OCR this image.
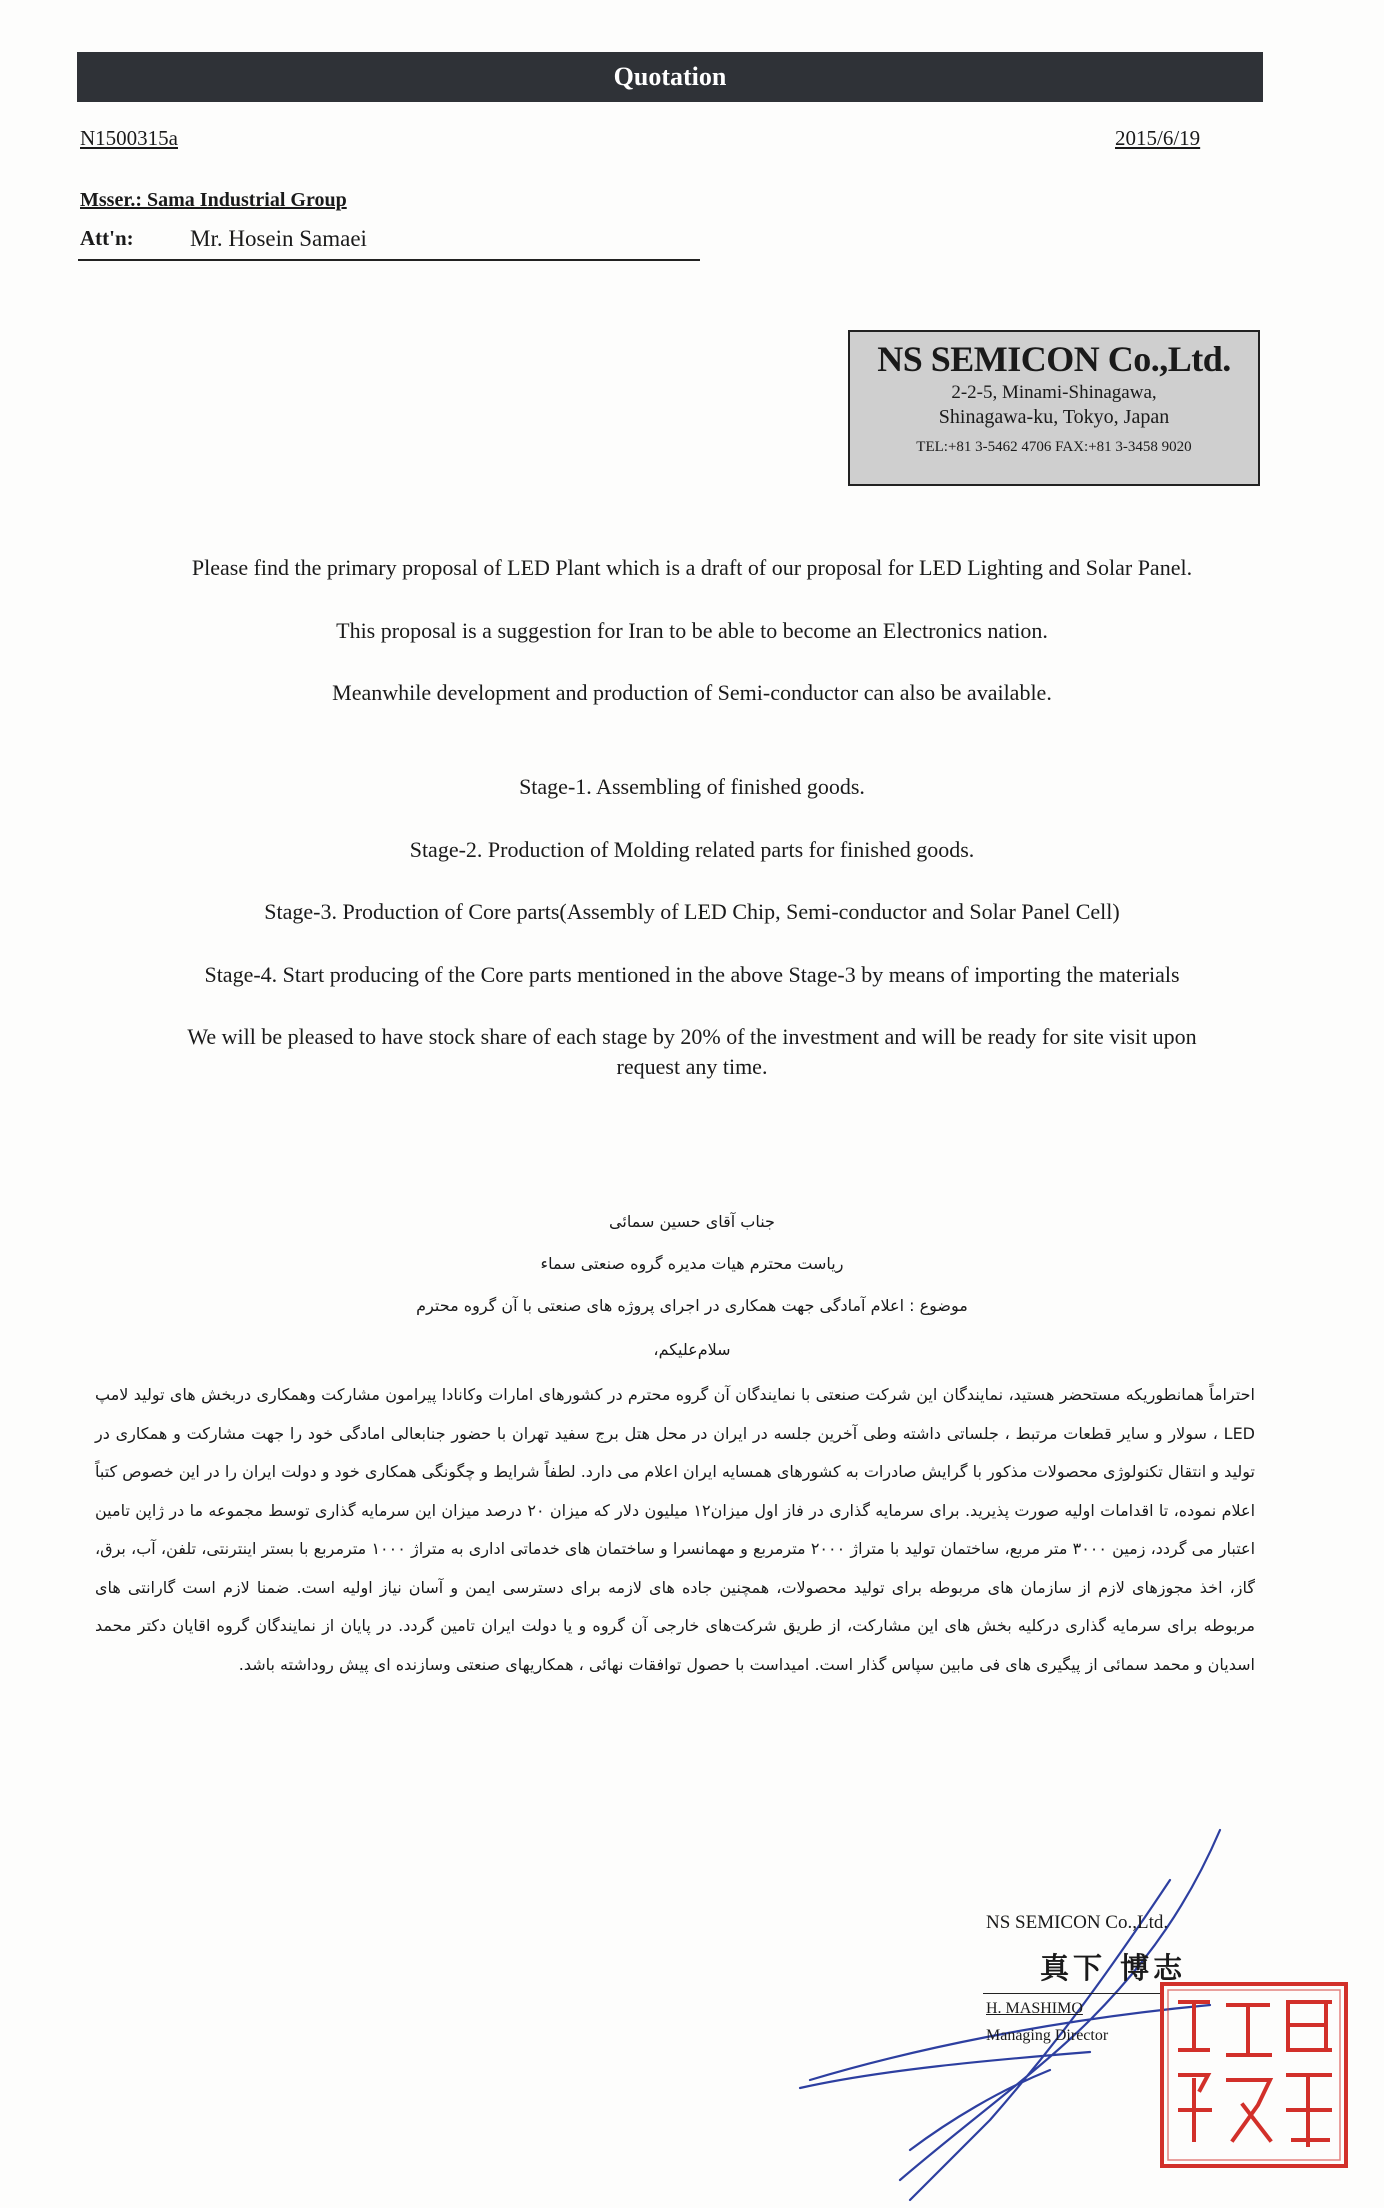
Quotation
N1500315a	2015/6/19
Msser.: Sama Industrial Group
Att'n: Mr. Hosein Samaei
NS SEMICON Co.,Ltd.
2-2-5, Minami-Shinagawa,
Shinagawa-ku, Tokyo, Japan
TEL:+81 3-5462 4706 FAX:+81 3-3458 9020
Please find the primary proposal of LED Plant which is a draft of our proposal for LED Lighting and Solar Panel.
This proposal is a suggestion for Iran to be able to become an Electronics nation.
Meanwhile development and production of Semi-conductor can also be available.
Stage-1. Assembling of finished goods.
Stage-2. Production of Molding related parts for finished goods.
Stage-3. Production of Core parts(Assembly of LED Chip, Semi-conductor and Solar Panel Cell)
Stage-4. Start producing of the Core parts mentioned in the above Stage-3 by means of importing the materials
We will be pleased to have stock share of each stage by 20% of the investment and will be ready for site visit upon
request any time.
جناب آقای حسین سمائی
ریاست محترم هیات مدیره گروه صنعتی سماء
موضوع : اعلام آمادگی جهت همکاری در اجرای پروژه های صنعتی با آن گروه محترم
سلام‌علیکم،
احتراماً همانطوریکه مستحضر هستید، نمایندگان این شرکت صنعتی با نمایندگان آن گروه محترم در کشورهای امارات وکانادا پیرامون مشارکت وهمکاری دربخش های تولید لامپ LED ، سولار و سایر قطعات مرتبط ، جلساتی داشته وطی آخرین جلسه در ایران در محل هتل برج سفید تهران با حضور جنابعالی امادگی خود را جهت مشارکت و همکاری در تولید و انتقال تکنولوژی محصولات مذکور با گرایش صادرات به کشورهای همسایه ایران اعلام می دارد. لطفاً شرایط و چگونگی همکاری خود و دولت ایران را در این خصوص کتباً اعلام نموده، تا اقدامات اولیه صورت پذیرید. برای سرمایه گذاری در فاز اول میزان۱۲ میلیون دلار که میزان ۲۰ درصد میزان این سرمایه گذاری توسط مجموعه ما در ژاپن تامین اعتبار می گردد، زمین ۳۰۰۰ متر مربع، ساختمان تولید با متراژ ۲۰۰۰ مترمربع و مهمانسرا و ساختمان های خدماتی اداری به متراژ ۱۰۰۰ مترمربع با بستر اینترنتی، تلفن، آب، برق، گاز، اخذ مجوزهای لازم از سازمان های مربوطه برای تولید محصولات، همچنین جاده های لازمه برای دسترسی ایمن و آسان نیاز اولیه است. ضمنا لازم است گارانتی های مربوطه برای سرمایه گذاری درکلیه بخش های این مشارکت، از طریق شرکت‌های خارجی آن گروه و یا دولت ایران تامین گردد. در پایان از نمایندگان گروه اقایان دکتر محمد اسدیان و محمد سمائی از پیگیری های فی مابین سپاس گذار است. امیداست با حصول توافقات نهائی ، همکاریهای صنعتی وسازنده ای پیش روداشته باشد.
NS SEMICON Co.,Ltd.
真下 博志
H. MASHIMO
Managing Director
